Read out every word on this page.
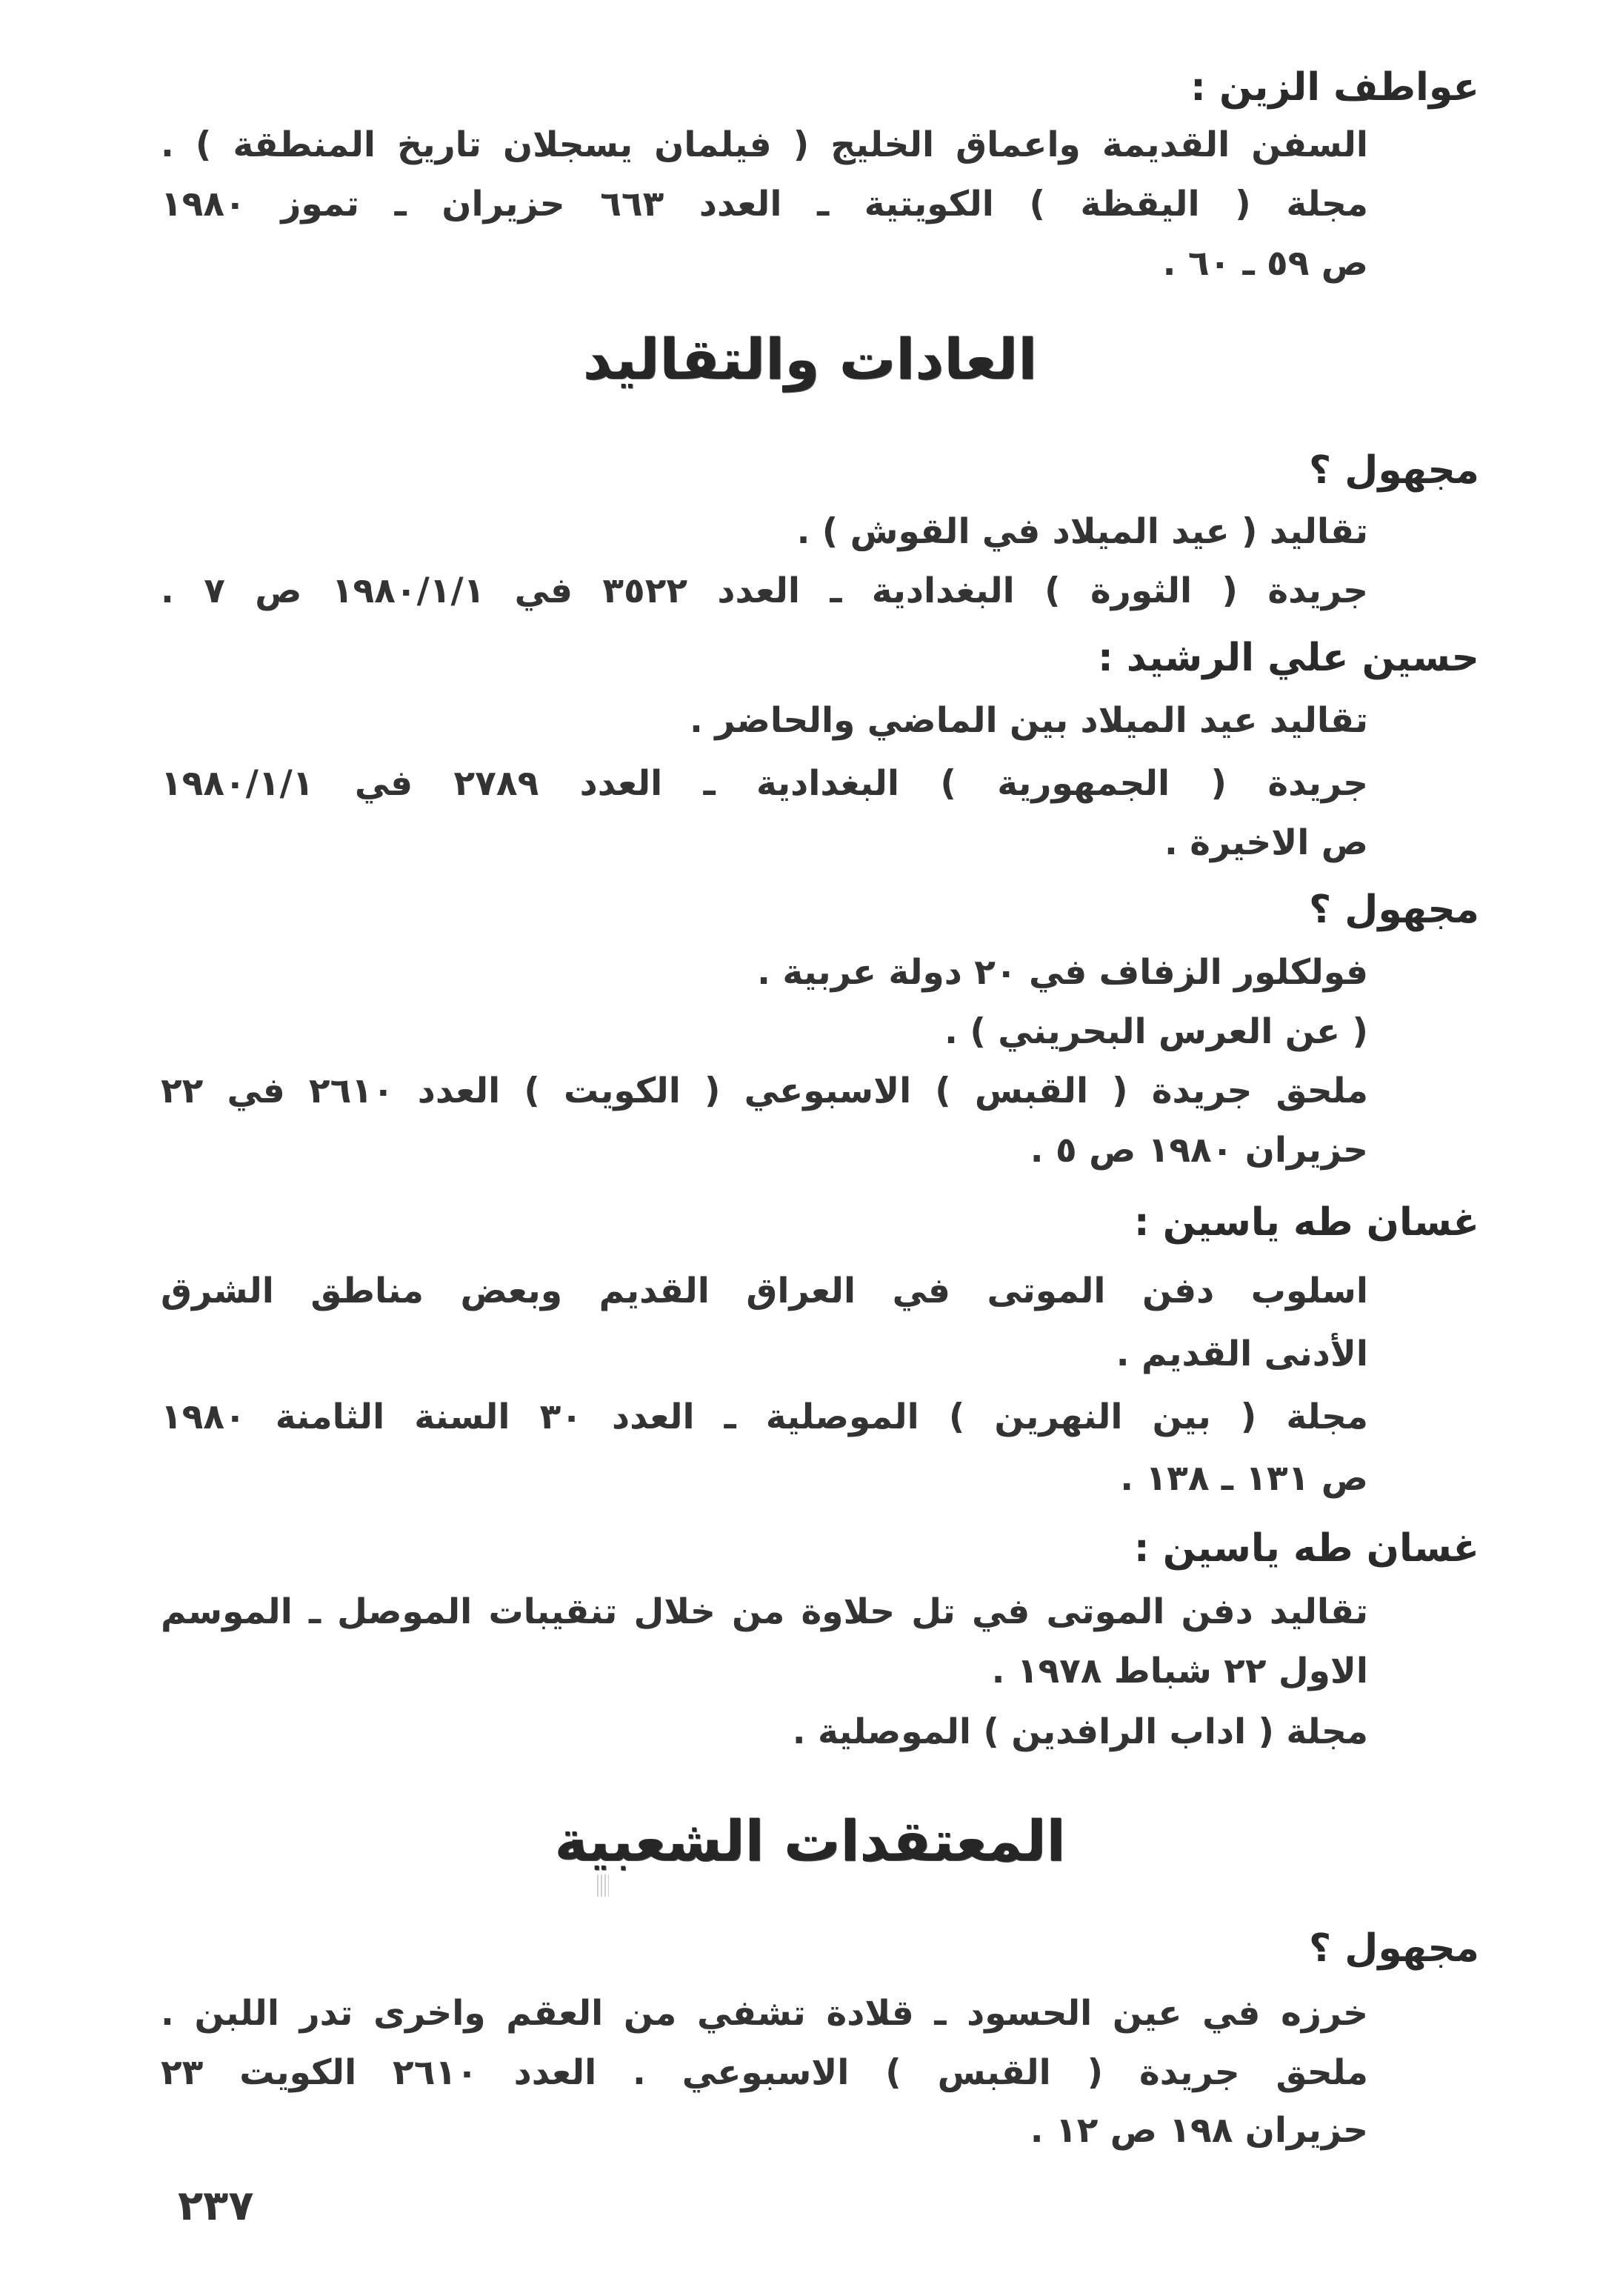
عواطف الزين :
السفن القديمة واعماق الخليج ( فيلمان يسجلان تاريخ المنطقة ) .
مجلة ( اليقظة ) الكويتية ـ العدد ٦٦٣ حزيران ـ تموز ١٩٨٠
ص ٥٩ ـ ٦٠ .
العادات والتقاليد
مجهول ؟
تقاليد ( عيد الميلاد في القوش ) .
جريدة ( الثورة ) البغدادية ـ العدد ٣٥٢٢ في ١٩٨٠/١/١ ص ٧ .
حسين علي الرشيد :
تقاليد عيد الميلاد بين الماضي والحاضر .
جريدة ( الجمهورية ) البغدادية ـ العدد ٢٧٨٩ في ١٩٨٠/١/١
ص الاخيرة .
مجهول ؟
فولكلور الزفاف في ٢٠ دولة عربية .
( عن العرس البحريني ) .
ملحق جريدة ( القبس ) الاسبوعي ( الكويت ) العدد ٢٦١٠ في ٢٢
حزيران ١٩٨٠ ص ٥ .
غسان طه ياسين :
اسلوب دفن الموتى في العراق القديم وبعض مناطق الشرق
الأدنى القديم .
مجلة ( بين النهرين ) الموصلية ـ العدد ٣٠ السنة الثامنة ١٩٨٠
ص ١٣١ ـ ١٣٨ .
غسان طه ياسين :
تقاليد دفن الموتى في تل حلاوة من خلال تنقيبات الموصل ـ الموسم
الاول ٢٢ شباط ١٩٧٨ .
مجلة ( اداب الرافدين ) الموصلية .
المعتقدات الشعبية
مجهول ؟
خرزه في عين الحسود ـ قلادة تشفي من العقم واخرى تدر اللبن .
ملحق جريدة ( القبس ) الاسبوعي . العدد ٢٦١٠ الكويت ٢٣
حزيران ١٩٨ ص ١٢ .
٢٣٧
